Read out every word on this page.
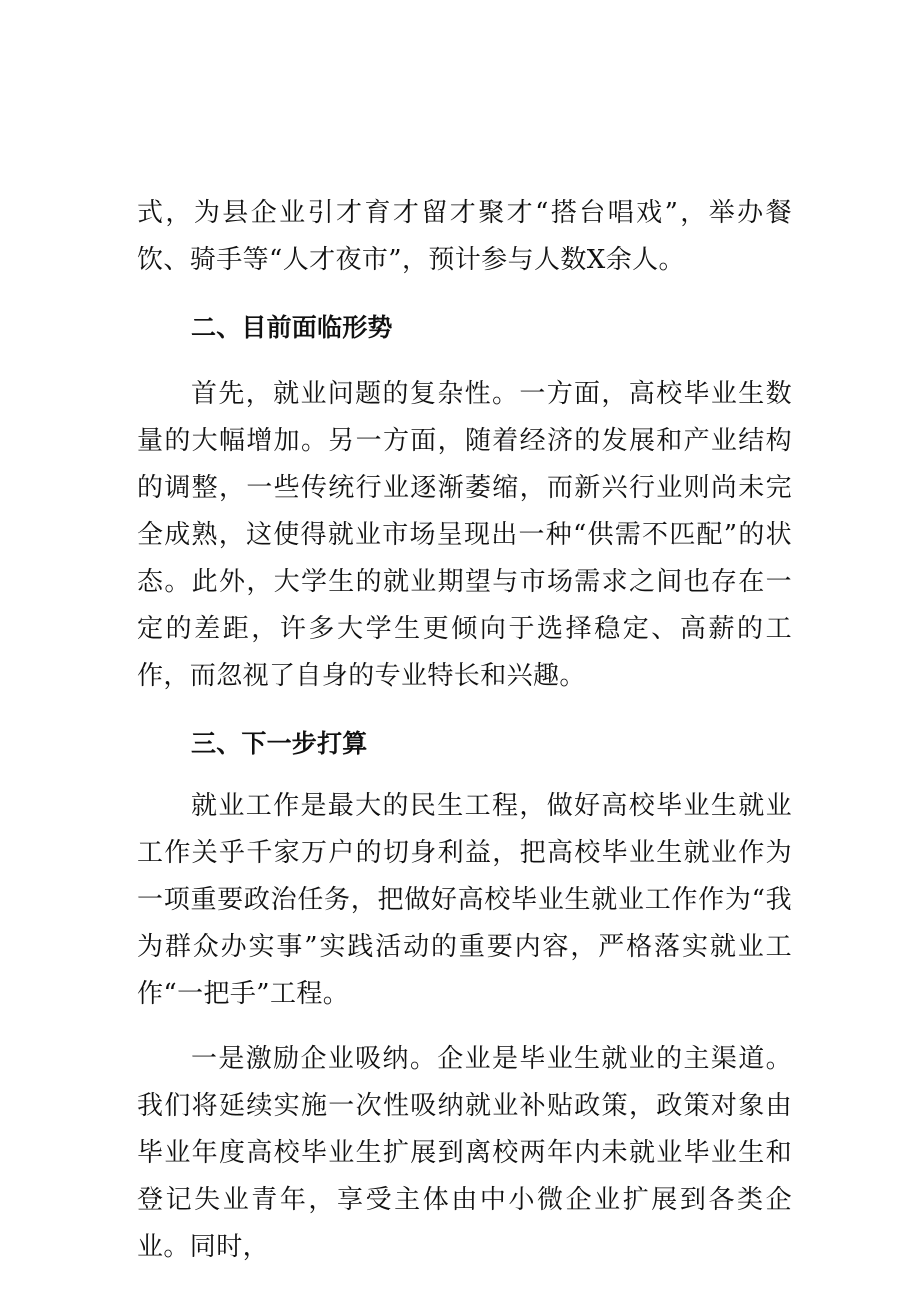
式，为县企业引才育才留才聚才“搭台唱戏”，举办餐饮、骑手等“人才夜市”，预计参与人数X余人。

二、目前面临形势

首先，就业问题的复杂性。一方面，高校毕业生数量的大幅增加。另一方面，随着经济的发展和产业结构的调整，一些传统行业逐渐萎缩，而新兴行业则尚未完全成熟，这使得就业市场呈现出一种“供需不匹配”的状态。此外，大学生的就业期望与市场需求之间也存在一定的差距，许多大学生更倾向于选择稳定、高薪的工作，而忽视了自身的专业特长和兴趣。

三、下一步打算

就业工作是最大的民生工程，做好高校毕业生就业工作关乎千家万户的切身利益，把高校毕业生就业作为一项重要政治任务，把做好高校毕业生就业工作作为“我为群众办实事”实践活动的重要内容，严格落实就业工作“一把手”工程。

一是激励企业吸纳。企业是毕业生就业的主渠道。我们将延续实施一次性吸纳就业补贴政策，政策对象由毕业年度高校毕业生扩展到离校两年内未就业毕业生和登记失业青年，享受主体由中小微企业扩展到各类企业。同时，
